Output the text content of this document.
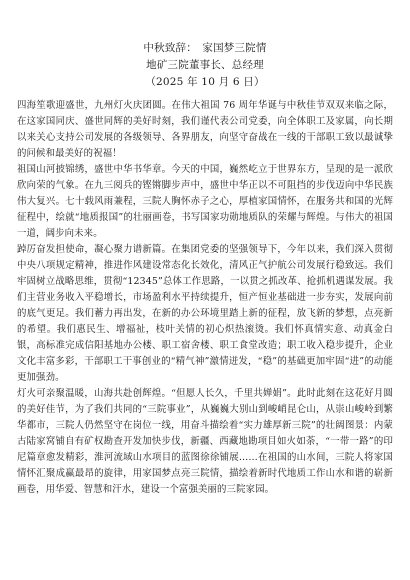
中秋致辞：　家国梦三院情

地矿三院董事长、总经理

（2025 年 10 月 6 日）

四海笙歌迎盛世，九州灯火庆团圆。在伟大祖国 76 周年华诞与中秋佳节双双来临之际，在这家国同庆、盛世同辉的美好时刻，我们谨代表公司党委，向全体职工及家属，向长期以来关心支持公司发展的各级领导、各界朋友，向坚守奋战在一线的干部职工致以最诚挚的问候和最美好的祝福！

祖国山河披锦绣，盛世中华书华章。今天的中国，巍然屹立于世界东方，呈现的是一派欣欣向荣的气象。在九三阅兵的铿锵脚步声中，盛世中华正以不可阻挡的步伐迈向中华民族伟大复兴。七十载风雨兼程，三院人胸怀赤子之心，厚植家国情怀，在服务共和国的光辉征程中，绘就“地质报国”的壮丽画卷，书写国家功勋地质队的荣耀与辉煌。与伟大的祖国一道，阔步向未来。

踔厉奋发担使命，凝心聚力谱新篇。在集团党委的坚强领导下，今年以来，我们深入贯彻中央八项规定精神，推进作风建设常态化长效化，清风正气护航公司发展行稳致远。我们牢固树立战略思维，贯彻“12345”总体工作思路，一以贯之抓改革、抢抓机遇谋发展。我们主营业务收入平稳增长，市场盈利水平持续提升，恒产恒业基础进一步夯实，发展向前的底气更足。我们蓄力再出发，在新的办公环境里踏上新的征程，放飞新的梦想，点亮新的希望。我们惠民生、增福祉，枝叶关情的初心炽热滚烫。我们怀真情实意、动真金白银，高标准完成信阳基地办公楼、职工宿舍楼、职工食堂改造；职工收入稳步提升，企业文化丰富多彩，干部职工干事创业的“精气神”激情迸发，“稳”的基础更加牢固“进”的动能更加强劲。

灯火可亲聚温暖，山海共赴创辉煌。“但愿人长久，千里共婵娟”。此时此刻在这花好月圆的美好佳节，为了我们共同的“三院事业”，从巍巍大别山到峻峭昆仑山，从崇山峻岭到繁华都市，三院人仍然坚守在岗位一线，用奋斗描绘着“实力雄厚新三院”的壮阔图景：内蒙古陆家窝铺自有矿权勘查开发加快步伐，新疆、西藏地勘项目如火如荼，“一带一路”的印尼篇章愈发精彩，淮河流域山水项目的蓝图徐徐铺展……在祖国的山水间，三院人将家国情怀汇聚成赢最昂的旋律，用家国梦点亮三院情，描绘着新时代地质工作山水和谐的崭新画卷，用华爱、智慧和汗水，建设一个富强美丽的三院家园。
